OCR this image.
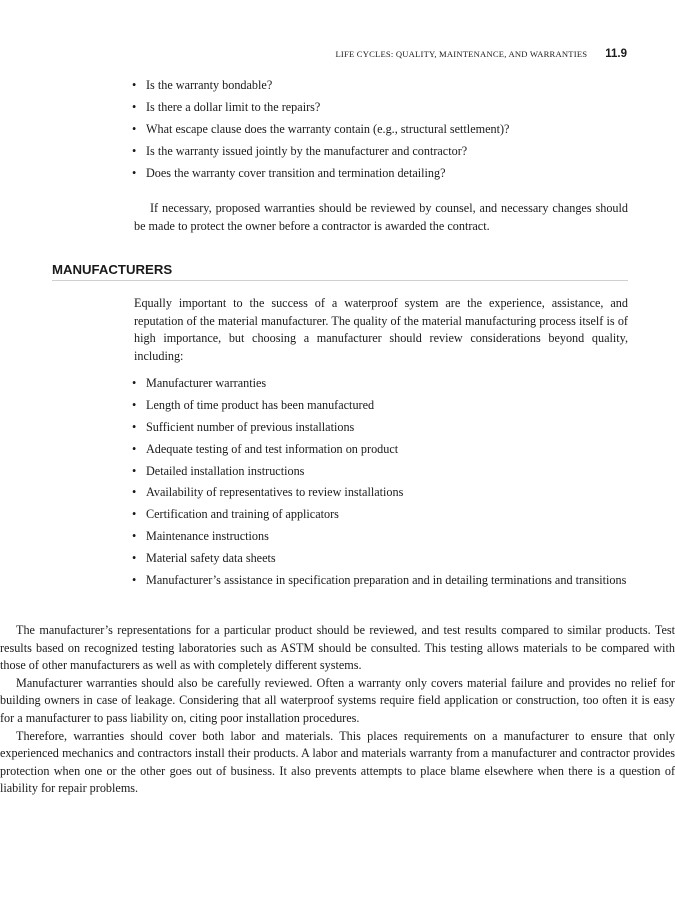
LIFE CYCLES: QUALITY, MAINTENANCE, AND WARRANTIES 11.9
• Is the warranty bondable?
• Is there a dollar limit to the repairs?
• What escape clause does the warranty contain (e.g., structural settlement)?
• Is the warranty issued jointly by the manufacturer and contractor?
• Does the warranty cover transition and termination detailing?

If necessary, proposed warranties should be reviewed by counsel, and necessary changes should be made to protect the owner before a contractor is awarded the contract.

MANUFACTURERS

Equally important to the success of a waterproof system are the experience, assistance, and reputation of the material manufacturer. The quality of the material manufacturing process itself is of high importance, but choosing a manufacturer should review considerations beyond quality, including:

• Manufacturer warranties
• Length of time product has been manufactured
• Sufficient number of previous installations
• Adequate testing of and test information on product
• Detailed installation instructions
• Availability of representatives to review installations
• Certification and training of applicators
• Maintenance instructions
• Material safety data sheets
• Manufacturer’s assistance in specification preparation and in detailing terminations and transitions

The manufacturer’s representations for a particular product should be reviewed, and test results compared to similar products. Test results based on recognized testing laboratories such as ASTM should be consulted. This testing allows materials to be compared with those of other manufacturers as well as with completely different systems.

Manufacturer warranties should also be carefully reviewed. Often a warranty only covers material failure and provides no relief for building owners in case of leakage. Considering that all waterproof systems require field application or construction, too often it is easy for a manufacturer to pass liability on, citing poor installation procedures.

Therefore, warranties should cover both labor and materials. This places requirements on a manufacturer to ensure that only experienced mechanics and contractors install their products. A labor and materials warranty from a manufacturer and contractor provides protection when one or the other goes out of business. It also prevents attempts to place blame elsewhere when there is a question of liability for repair problems.
